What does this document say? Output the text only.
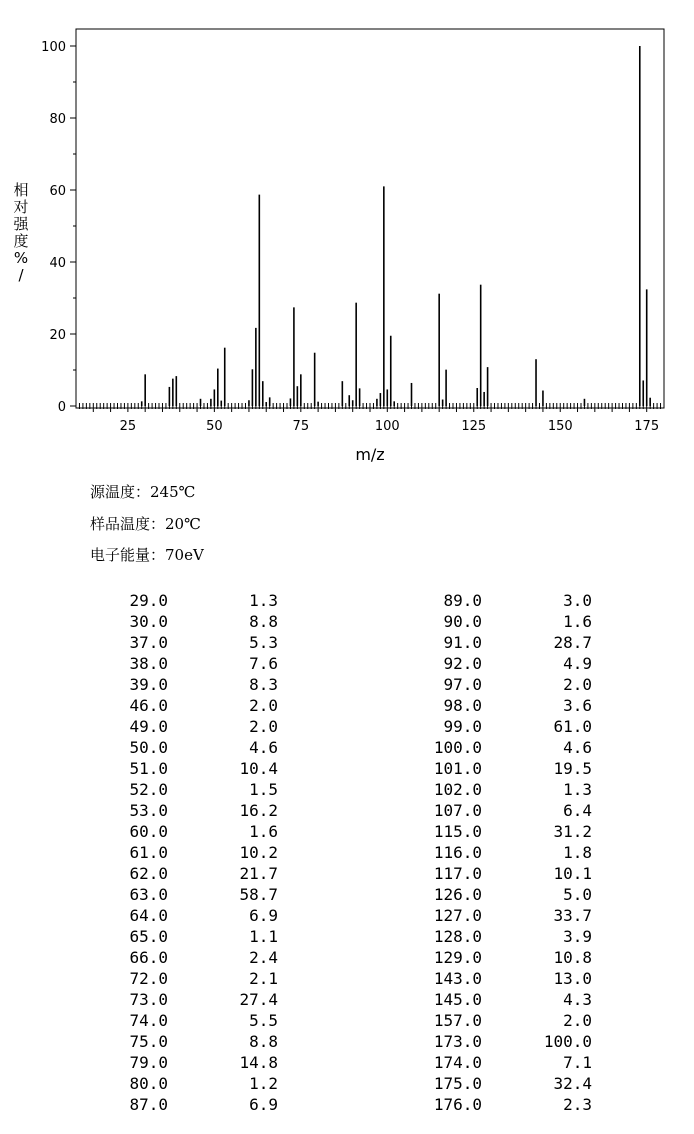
0
20
40
60
80
100
25	50	75	100	125	150	175
m/z
相
对
强
度
%
/
源温度：245℃
样品温度：20℃
电子能量：70eV
29.0	1.3
30.0	8.8
37.0	5.3
38.0	7.6
39.0	8.3
46.0	2.0
49.0	2.0
50.0	4.6
51.0	10.4
52.0	1.5
53.0	16.2
60.0	1.6
61.0	10.2
62.0	21.7
63.0	58.7
64.0	6.9
65.0	1.1
66.0	2.4
72.0	2.1
73.0	27.4
74.0	5.5
75.0	8.8
79.0	14.8
80.0	1.2
87.0	6.9
89.0	3.0
90.0	1.6
91.0	28.7
92.0	4.9
97.0	2.0
98.0	3.6
99.0	61.0
100.0	4.6
101.0	19.5
102.0	1.3
107.0	6.4
115.0	31.2
116.0	1.8
117.0	10.1
126.0	5.0
127.0	33.7
128.0	3.9
129.0	10.8
143.0	13.0
145.0	4.3
157.0	2.0
173.0	100.0
174.0	7.1
175.0	32.4
176.0	2.3
